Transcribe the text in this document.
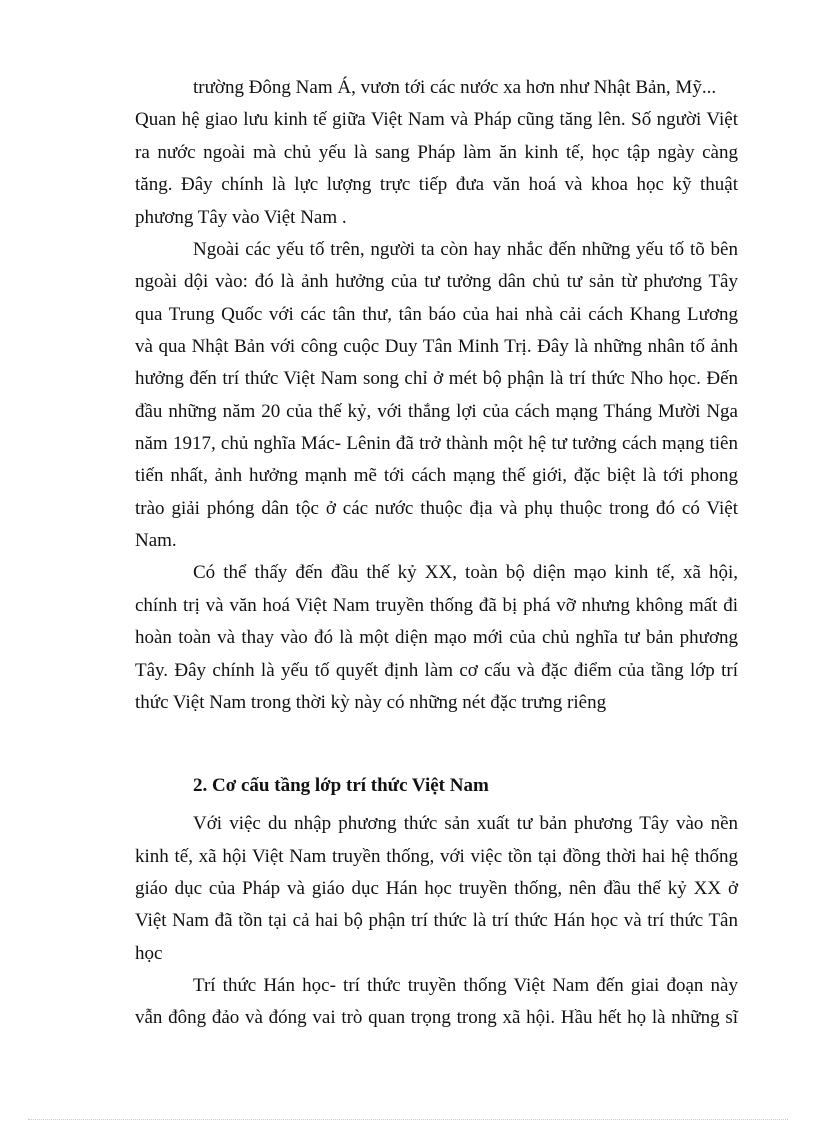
trường Đông Nam Á, vươn tới các nước xa hơn như Nhật Bản, Mỹ...
Quan hệ giao lưu kinh tế giữa Việt Nam và Pháp cũng tăng lên. Số người Việt
ra nước ngoài mà chủ yếu là sang Pháp làm ăn kinh tế, học tập ngày càng
tăng. Đây chính là lực lượng trực tiếp đưa văn hoá và khoa học kỹ thuật
phương Tây vào Việt Nam .
Ngoài các yếu tố trên, người ta còn hay nhắc đến những yếu tố tõ bên
ngoài dội vào: đó là ảnh hưởng của tư tưởng dân chủ tư sản từ phương Tây
qua Trung Quốc với các tân thư, tân báo của hai nhà cải cách Khang Lương
và qua Nhật Bản với công cuộc Duy Tân Minh Trị. Đây là những nhân tố ảnh
hưởng đến trí thức Việt Nam song chỉ ở mét bộ phận là trí thức Nho học. Đến
đầu những năm 20 của thế kỷ, với thắng lợi của cách mạng Tháng Mười Nga
năm 1917, chủ nghĩa Mác- Lênin đã trở thành một hệ tư tưởng cách mạng tiên
tiến nhất, ảnh hưởng mạnh mẽ tới cách mạng thế giới, đặc biệt là tới phong
trào giải phóng dân tộc ở các nước thuộc địa và phụ thuộc trong đó có Việt
Nam.
Có thể thấy đến đầu thế kỷ XX, toàn bộ diện mạo kinh tế, xã hội,
chính trị và văn hoá Việt Nam truyền thống đã bị phá vỡ nhưng không mất đi
hoàn toàn và thay vào đó là một diện mạo mới của chủ nghĩa tư bản phương
Tây. Đây chính là yếu tố quyết định làm cơ cấu và đặc điểm của tầng lớp trí
thức Việt Nam trong thời kỳ này có những nét đặc trưng riêng
2. Cơ cấu tầng lớp trí thức Việt Nam
Với việc du nhập phương thức sản xuất tư bản phương Tây vào nền
kinh tế, xã hội Việt Nam truyền thống, với việc tồn tại đồng thời hai hệ thống
giáo dục của Pháp và giáo dục Hán học truyền thống, nên đầu thế kỷ XX ở
Việt Nam đã tồn tại cả hai bộ phận trí thức là trí thức Hán học và trí thức Tân
học
Trí thức Hán học- trí thức truyền thống Việt Nam đến giai đoạn này
vẫn đông đảo và đóng vai trò quan trọng trong xã hội. Hầu hết họ là những sĩ
